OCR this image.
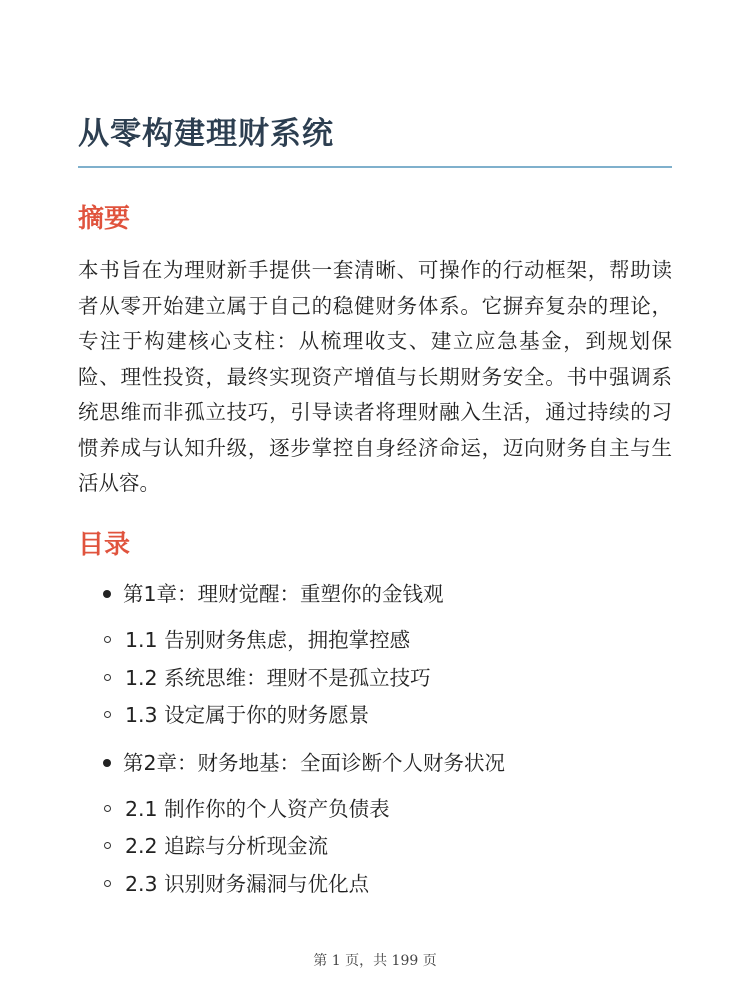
从零构建理财系统
摘要

本书旨在为理财新手提供一套清晰、可操作的行动框架，帮助读者从零开始建立属于自己的稳健财务体系。它摒弃复杂的理论，专注于构建核心支柱：从梳理收支、建立应急基金，到规划保险、理性投资，最终实现资产增值与长期财务安全。书中强调系统思维而非孤立技巧，引导读者将理财融入生活，通过持续的习惯养成与认知升级，逐步掌控自身经济命运，迈向财务自主与生活从容。

目录
第1章：理财觉醒：重塑你的金钱观
1.1 告别财务焦虑，拥抱掌控感
1.2 系统思维：理财不是孤立技巧
1.3 设定属于你的财务愿景
第2章：财务地基：全面诊断个人财务状况
2.1 制作你的个人资产负债表
2.2 追踪与分析现金流
2.3 识别财务漏洞与优化点
第 1 页，共 199 页
